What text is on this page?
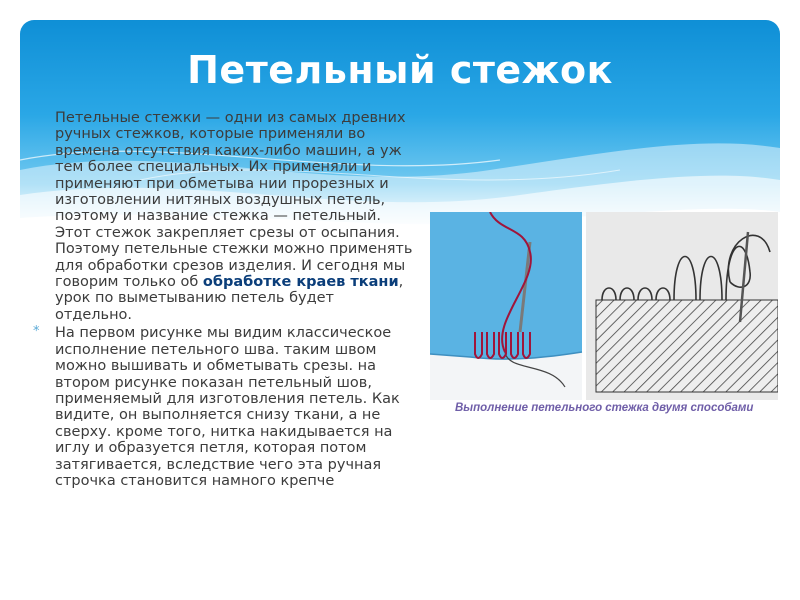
Петельный стежок

Петельные стежки — одни из самых древних ручных стежков, которые применяли во времена отсутствия каких-либо машин, а уж тем более специальных. Их применяли и применяют при обметыва нии прорезных и изготовлении нитяных воздушных петель, поэтому и название стежка — петельный. Этот стежок закрепляет срезы от осыпания. Поэтому петельные стежки можно применять для обработки срезов изделия. И сегодня мы говорим только об обработке краев ткани, урок по выметыванию петель будет отдельно.

* На первом рисунке мы видим классическое исполнение петельного шва. таким швом можно вышивать и обметывать срезы. на втором рисунке показан петельный шов, применяемый для изготовления петель. Как видите, он выполняется снизу ткани, а не сверху. кроме того, нитка накидывается на иглу и образуется петля, которая потом затягивается, вследствие чего эта ручная строчка становится намного крепче

Выполнение петельного стежка двумя способами
